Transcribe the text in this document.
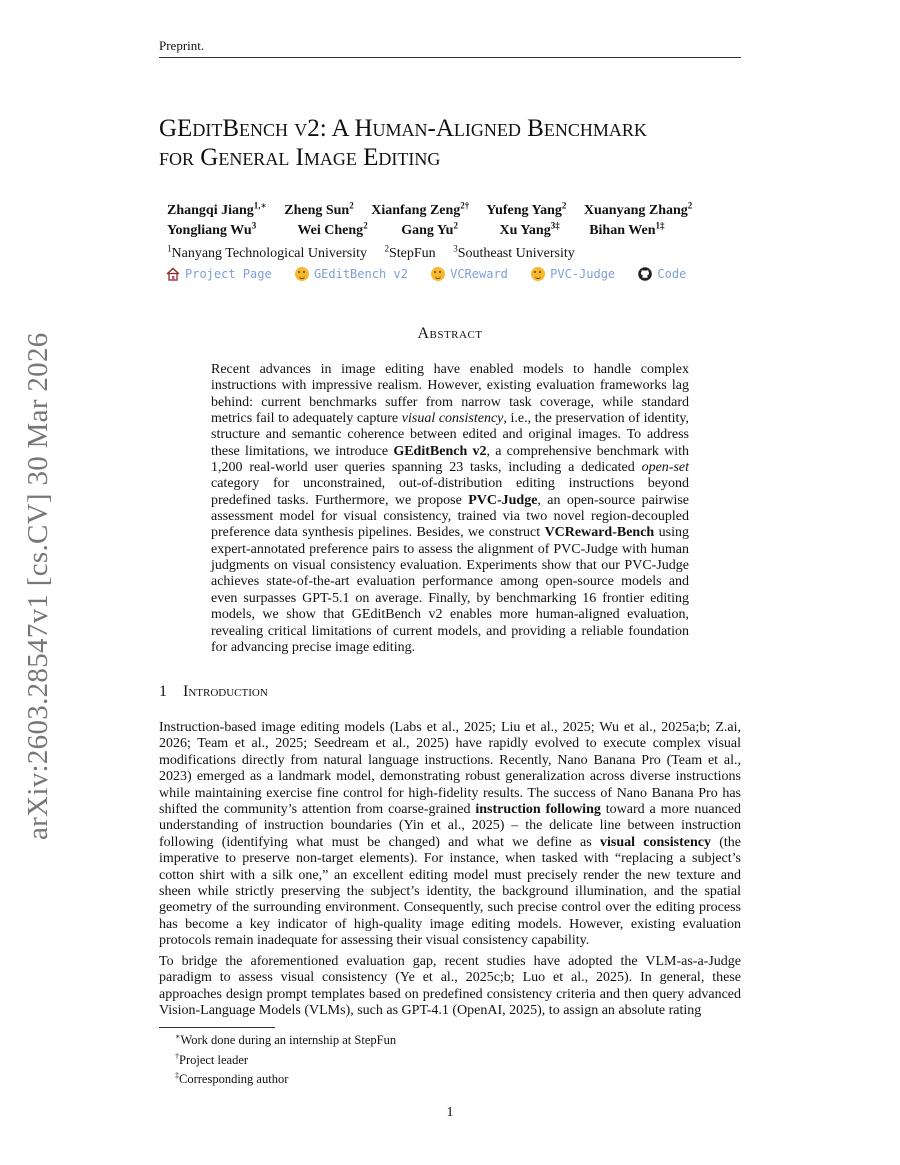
Preprint.
arXiv:2603.28547v1 [cs.CV] 30 Mar 2026
GEditBench v2: A Human-Aligned Benchmark
for General Image Editing
Zhangqi Jiang$^{1,∗}$ Zheng Sun$^2$ Xianfang Zeng$^{2\dagger}$ Yufeng Yang$^2$ Xuanyang Zhang$^2$
Yongliang Wu$^3$	Wei Cheng$^2$ Gang Yu$^2$	Xu Yang$^{3\ddagger}$ Bihan Wen$^{1\ddagger}$
$^1$Nanyang Technological University $^2$StepFun $^3$Southeast University
Project Page
	GEditBench v2
	VCReward
	PVC-Judge
	Code
Abstract
Recent advances in image editing have enabled models to handle complex instructions with impressive realism. However, existing evaluation frameworks lag behind: current benchmarks suffer from narrow task coverage, while standard metrics fail to adequately capture visual consistency, i.e., the preservation of identity, structure and semantic coherence between edited and original images. To address these limitations, we introduce GEditBench v2, a comprehensive benchmark with 1,200 real-world user queries spanning 23 tasks, including a dedicated open-set category for unconstrained, out-of-distribution editing instructions beyond predefined tasks. Furthermore, we propose PVC-Judge, an open-source pairwise assessment model for visual consistency, trained via two novel region-decoupled preference data synthesis pipelines. Besides, we construct VCReward-Bench using expert-annotated preference pairs to assess the alignment of PVC-Judge with human judgments on visual consistency evaluation. Experiments show that our PVC-Judge achieves state-of-the-art evaluation performance among open-source models and even surpasses GPT-5.1 on average. Finally, by benchmarking 16 frontier editing models, we show that GEditBench v2 enables more human-aligned evaluation, revealing critical limitations of current models, and providing a reliable foundation for advancing precise image editing.
1 Introduction
Instruction-based image editing models (Labs et al., 2025; Liu et al., 2025; Wu et al., 2025a;b; Z.ai, 2026; Team et al., 2025; Seedream et al., 2025) have rapidly evolved to execute complex visual modifications directly from natural language instructions. Recently, Nano Banana Pro (Team et al., 2023) emerged as a landmark model, demonstrating robust generalization across diverse instructions while maintaining exercise fine control for high-fidelity results. The success of Nano Banana Pro has shifted the community’s attention from coarse-grained instruction following toward a more nuanced understanding of instruction boundaries (Yin et al., 2025) – the delicate line between instruction following (identifying what must be changed) and what we define as visual consistency (the imperative to preserve non-target elements). For instance, when tasked with “replacing a subject’s cotton shirt with a silk one,” an excellent editing model must precisely render the new texture and sheen while strictly preserving the subject’s identity, the background illumination, and the spatial geometry of the surrounding environment. Consequently, such precise control over the editing process has become a key indicator of high-quality image editing models. However, existing evaluation protocols remain inadequate for assessing their visual consistency capability.
To bridge the aforementioned evaluation gap, recent studies have adopted the VLM-as-a-Judge paradigm to assess visual consistency (Ye et al., 2025c;b; Luo et al., 2025). In general, these approaches design prompt templates based on predefined consistency criteria and then query advanced Vision-Language Models (VLMs), such as GPT-4.1 (OpenAI, 2025), to assign an absolute rating
∗Work done during an internship at StepFun
†Project leader
‡Corresponding author
1
